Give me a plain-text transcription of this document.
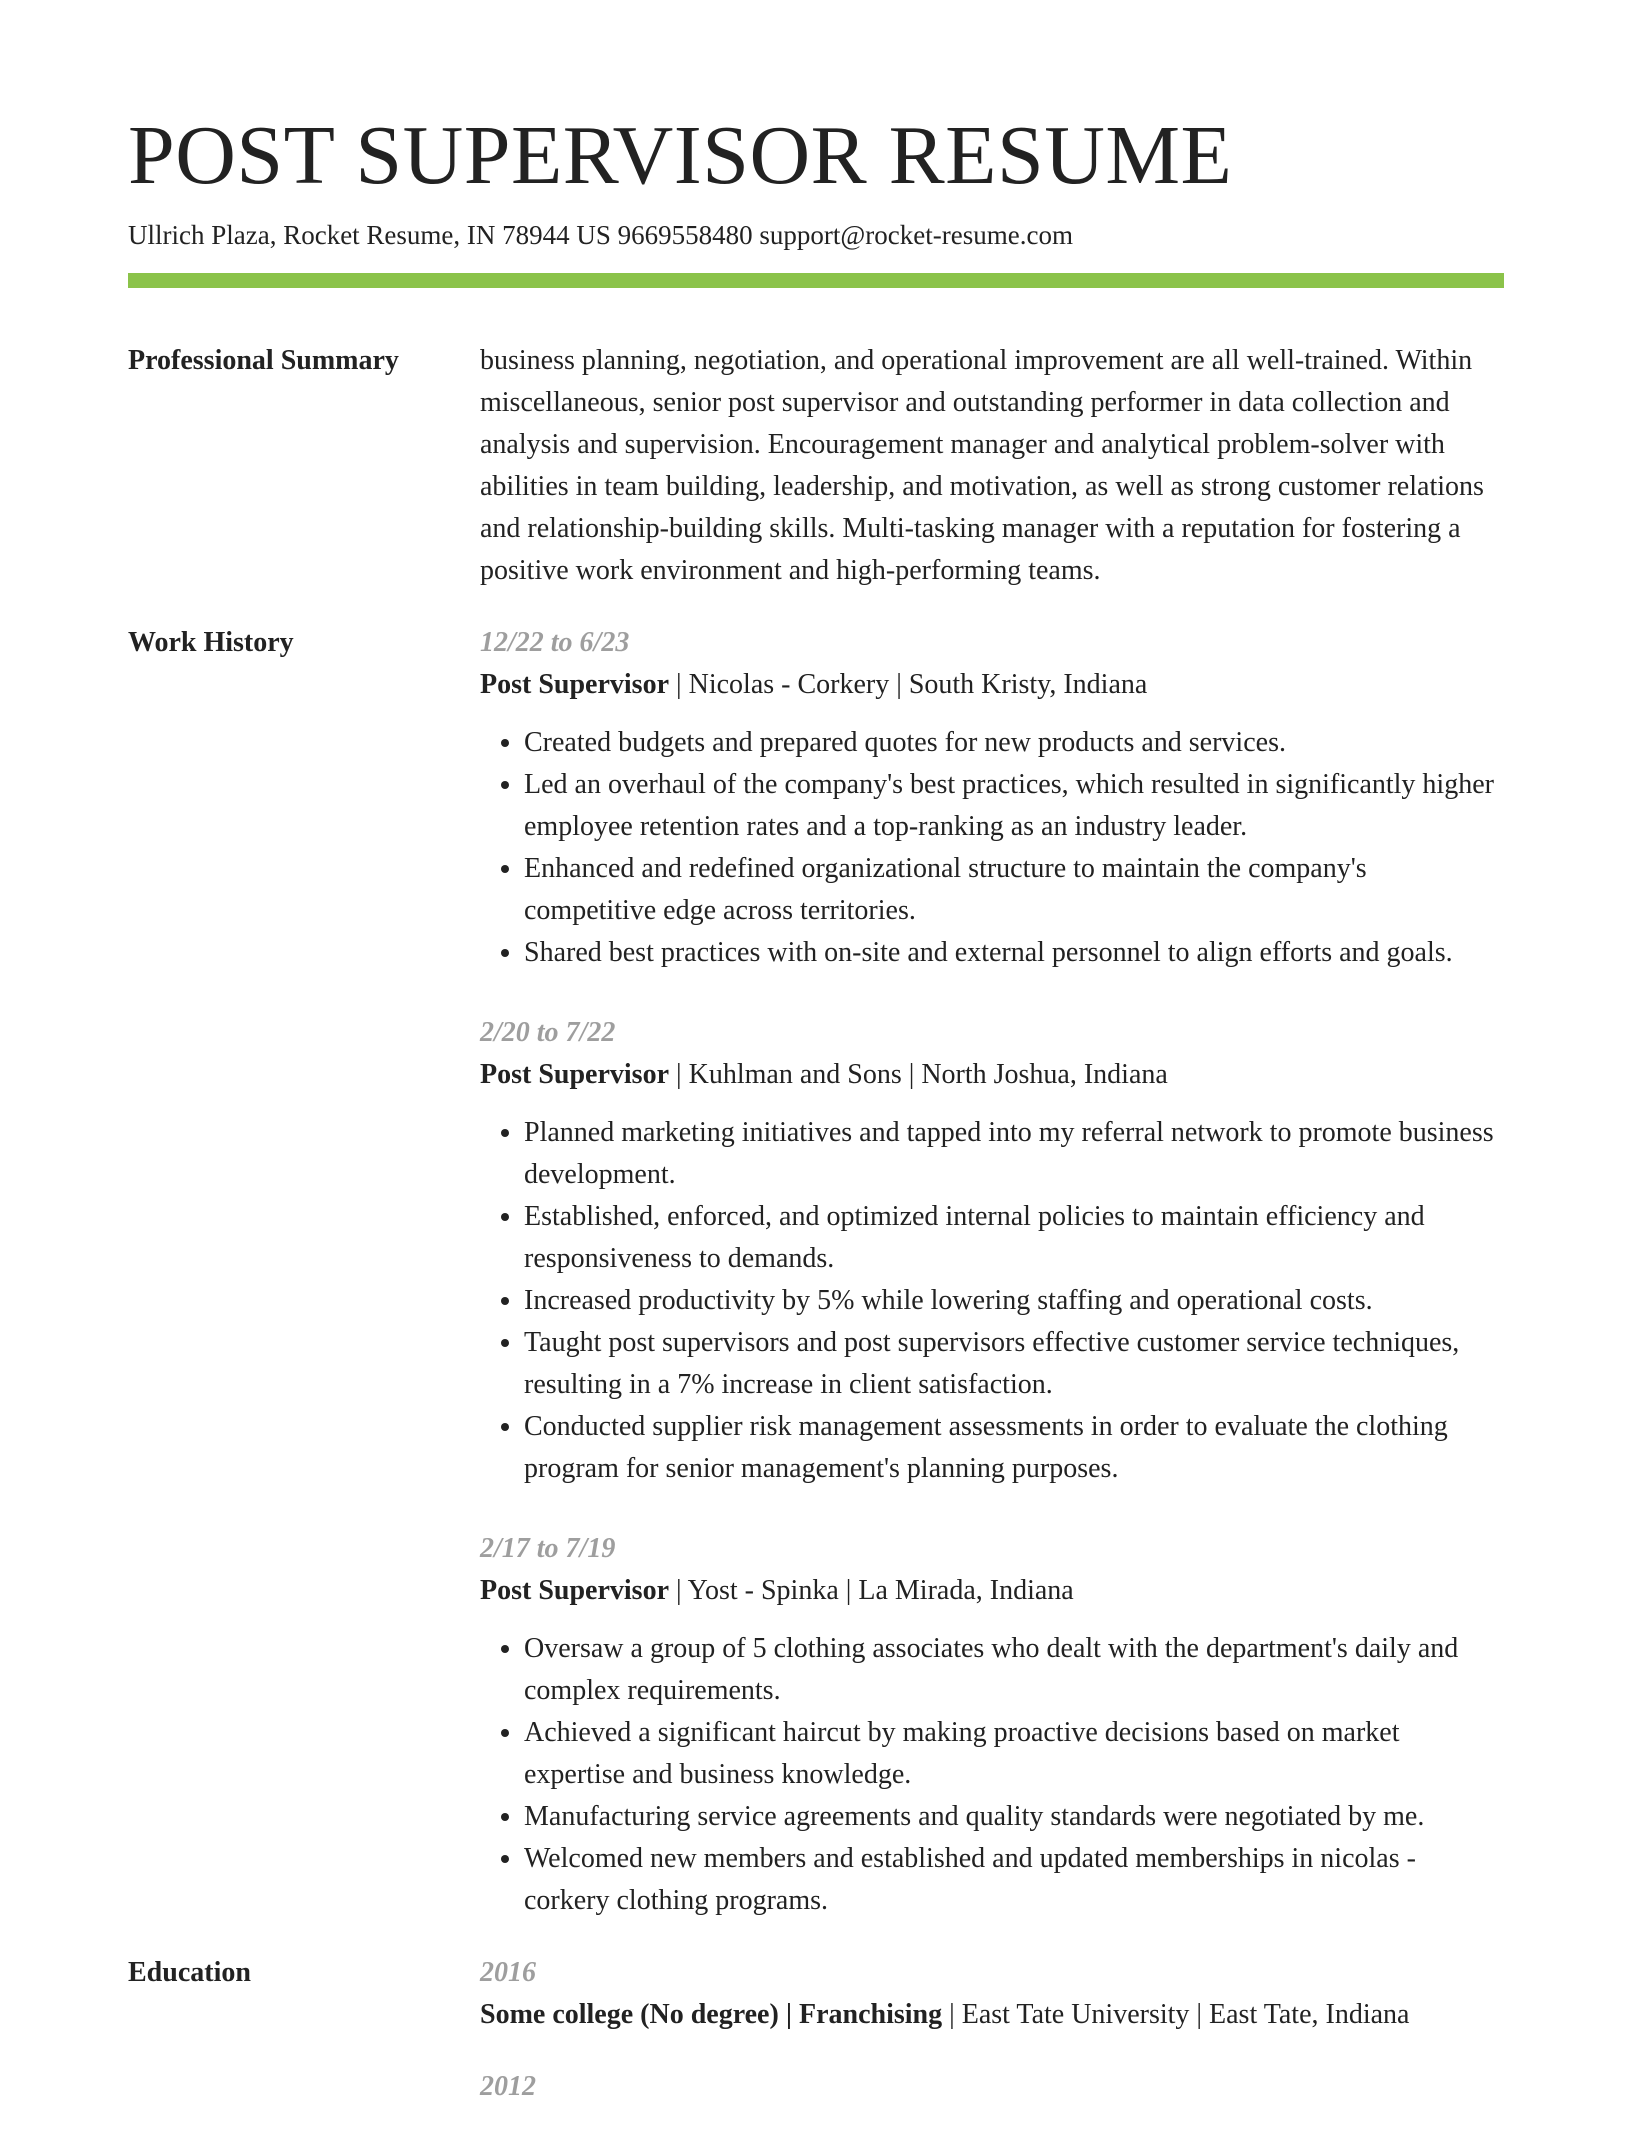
POST SUPERVISOR RESUME
Ullrich Plaza, Rocket Resume, IN 78944 US 9669558480 support@rocket-resume.com
Professional Summary	business planning, negotiation, and operational improvement are all well-trained. Within miscellaneous, senior post supervisor and outstanding performer in data collection and analysis and supervision. Encouragement manager and analytical problem-solver with abilities in team building, leadership, and motivation, as well as strong customer relations and relationship-building skills. Multi-tasking manager with a reputation for fostering a positive work environment and high-performing teams.

Work History	12/22 to 6/23
Post Supervisor | Nicolas - Corkery | South Kristy, Indiana
• Created budgets and prepared quotes for new products and services.
• Led an overhaul of the company's best practices, which resulted in significantly higher employee retention rates and a top-ranking as an industry leader.
• Enhanced and redefined organizational structure to maintain the company's competitive edge across territories.
• Shared best practices with on-site and external personnel to align efforts and goals.
2/20 to 7/22
Post Supervisor | Kuhlman and Sons | North Joshua, Indiana
• Planned marketing initiatives and tapped into my referral network to promote business development.
• Established, enforced, and optimized internal policies to maintain efficiency and responsiveness to demands.
• Increased productivity by 5% while lowering staffing and operational costs.
• Taught post supervisors and post supervisors effective customer service techniques, resulting in a 7% increase in client satisfaction.
• Conducted supplier risk management assessments in order to evaluate the clothing program for senior management's planning purposes.
2/17 to 7/19
Post Supervisor | Yost - Spinka | La Mirada, Indiana
• Oversaw a group of 5 clothing associates who dealt with the department's daily and complex requirements.
• Achieved a significant haircut by making proactive decisions based on market expertise and business knowledge.
• Manufacturing service agreements and quality standards were negotiated by me.
• Welcomed new members and established and updated memberships in nicolas - corkery clothing programs.
Education	2016
Some college (No degree) | Franchising | East Tate University | East Tate, Indiana
2012
